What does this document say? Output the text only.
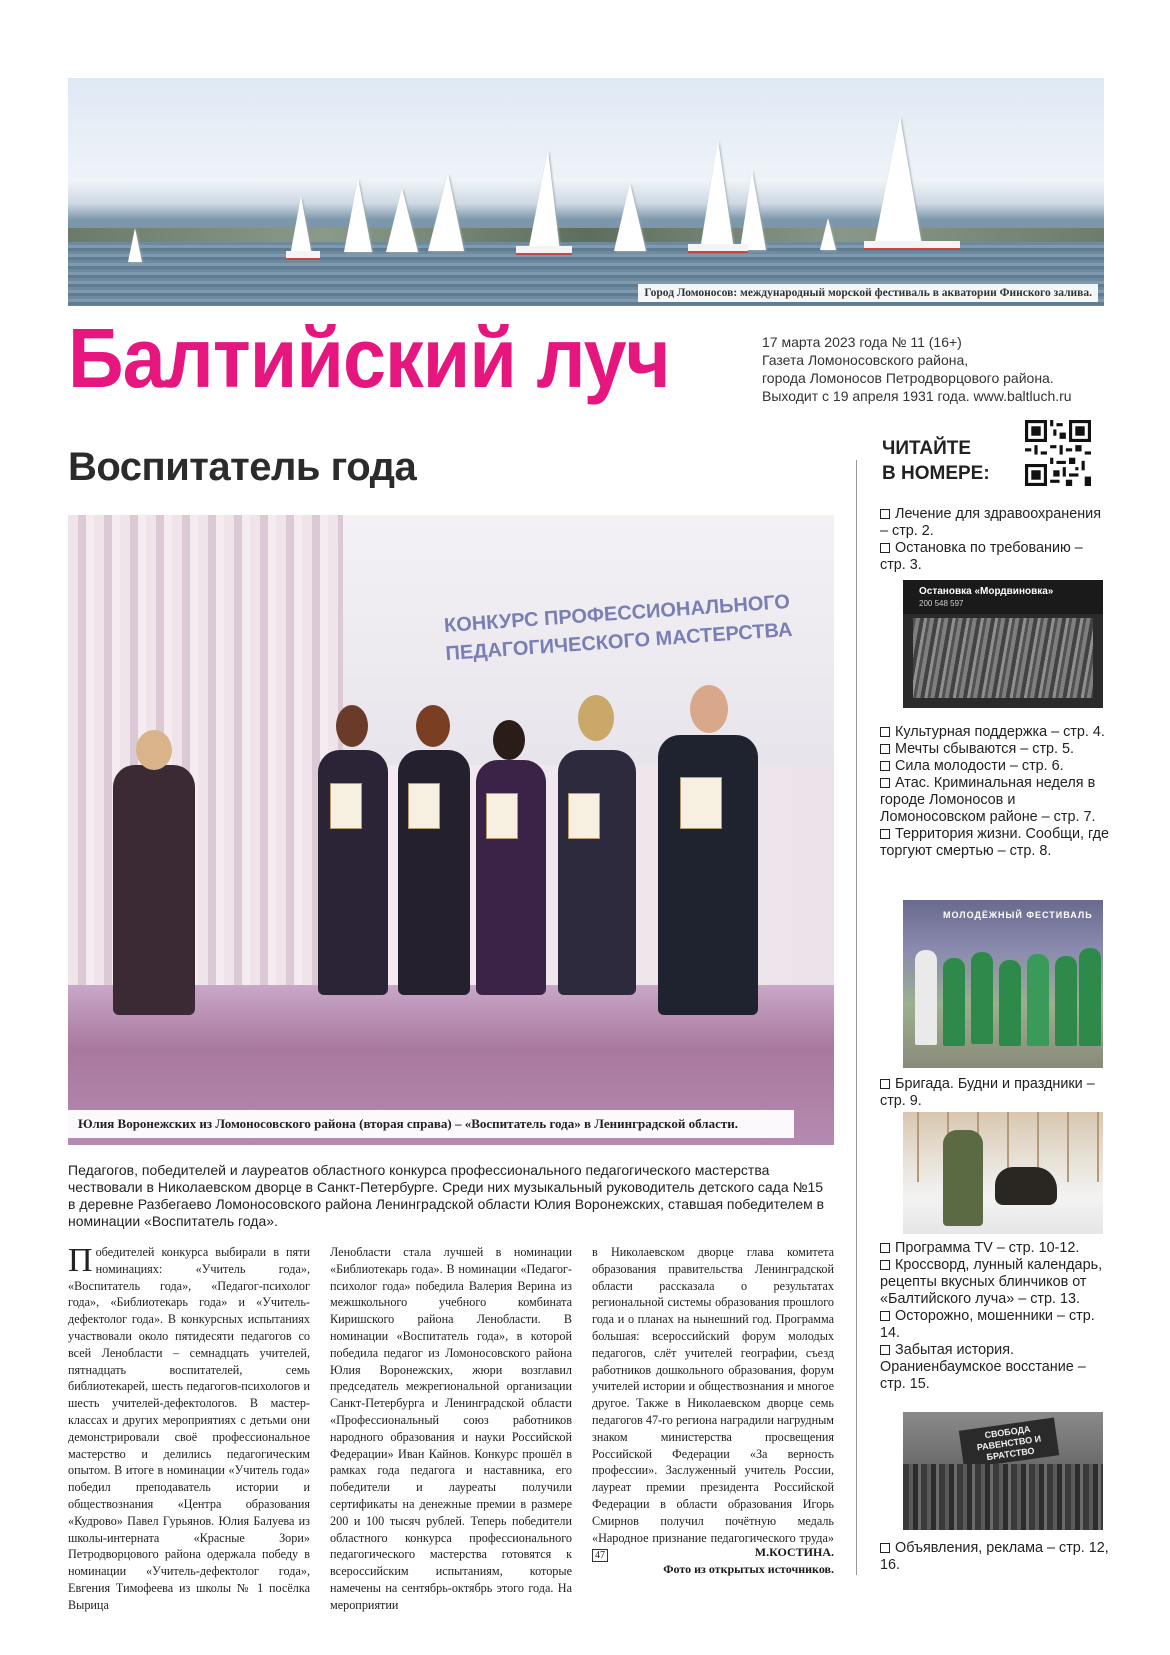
Город Ломоносов: международный морской фестиваль в акватории Финского залива.
Балтийский луч	17 марта 2023 года № 11 (16+)
Газета Ломоносовского района,
города Ломоносов Петродворцового района.
Выходит с 19 апреля 1931 года. www.baltluch.ru
Воспитатель года
КОНКУРС ПРОФЕССИОНАЛЬНОГО ПЕДАГОГИЧЕСКОГО МАСТЕРСТВА
Юлия Воронежских из Ломоносовского района (вторая справа) – «Воспитатель года» в Ленинградской области.
Педагогов, победителей и лауреатов областного конкурса профессионального педагогического мастерства чествовали в Николаевском дворце в Санкт-Петербурге. Среди них музыкальный руководитель детского сада №15 в деревне Разбегаево Ломоносовского района Ленинградской области Юлия Воронежских, ставшая победителем в номинации «Воспитатель года».
Победителей конкурса выбирали в пяти номинациях: «Учитель года», «Воспитатель года», «Педагог-психолог года», «Библиотекарь года» и «Учитель-дефектолог года». В конкурсных испытаниях участвовали около пятидесяти педагогов со всей Ленобласти – семнадцать учителей, пятнадцать воспитателей, семь библиотекарей, шесть педагогов-психологов и шесть учителей-дефектологов. В мастер-классах и других мероприятиях с детьми они демонстрировали своё профессиональное мастерство и делились педагогическим опытом. В итоге в номинации «Учитель года» победил преподаватель истории и обществознания «Центра образования «Кудрово» Павел Гурьянов. Юлия Балуева из школы-интерната «Красные Зори» Петродворцового района одержала победу в номинации «Учитель-дефектолог года», Евгения Тимофеева из школы № 1 посёлка Вырица
Ленобласти стала лучшей в номинации «Библиотекарь года». В номинации «Педагог-психолог года» победила Валерия Верина из межшкольного учебного комбината Киришского района Ленобласти. В номинации «Воспитатель года», в которой победила педагог из Ломоносовского района Юлия Воронежских, жюри возглавил председатель межрегиональной организации Санкт-Петербурга и Ленинградской области «Профессиональный союз работников народного образования и науки Российской Федерации» Иван Кайнов. Конкурс прошёл в рамках года педагога и наставника, его победители и лауреаты получили сертификаты на денежные премии в размере 200 и 100 тысяч рублей. Теперь победители областного конкурса профессионального педагогического мастерства готовятся к всероссийским испытаниям, которые намечены на сентябрь-октябрь этого года. На мероприятии
в Николаевском дворце глава комитета образования правительства Ленинградской области рассказала о результатах региональной системы образования прошлого года и о планах на нынешний год. Программа большая: всероссийский форум молодых педагогов, слёт учителей географии, съезд работников дошкольного образования, форум учителей истории и обществознания и многое другое. Также в Николаевском дворце семь педагогов 47-го региона наградили нагрудным знаком министерства просвещения Российской Федерации «За верность профессии». Заслуженный учитель России, лауреат премии президента Российской Федерации в области образования Игорь Смирнов получил почётную медаль «Народное признание педагогического труда» 47	М.КОСТИНА.
Фото из открытых источников.
ЧИТАЙТЕ
В НОМЕРЕ:
Лечение для здравоохранения – стр. 2.
Остановка по требованию – стр. 3.
Остановка «Мордвиновка»
200 548 597
Культурная поддержка – стр. 4.
Мечты сбываются – стр. 5.
Сила молодости – стр. 6.
Атас. Криминальная неделя в городе Ломоносов и Ломоносовском районе – стр. 7.
Территория жизни. Сообщи, где торгуют смертью – стр. 8.
МОЛОДЁЖНЫЙ ФЕСТИВАЛЬ
Бригада. Будни и праздники – стр. 9.
Программа TV – стр. 10-12.
Кроссворд, лунный календарь, рецепты вкусных блинчиков от «Балтийского луча» – стр. 13.
Осторожно, мошенники – стр. 14.
Забытая история. Ораниенбаумское восстание – стр. 15.
СВОБОДА РАВЕНСТВО И БРАТСТВО
Объявления, реклама – стр. 12, 16.
